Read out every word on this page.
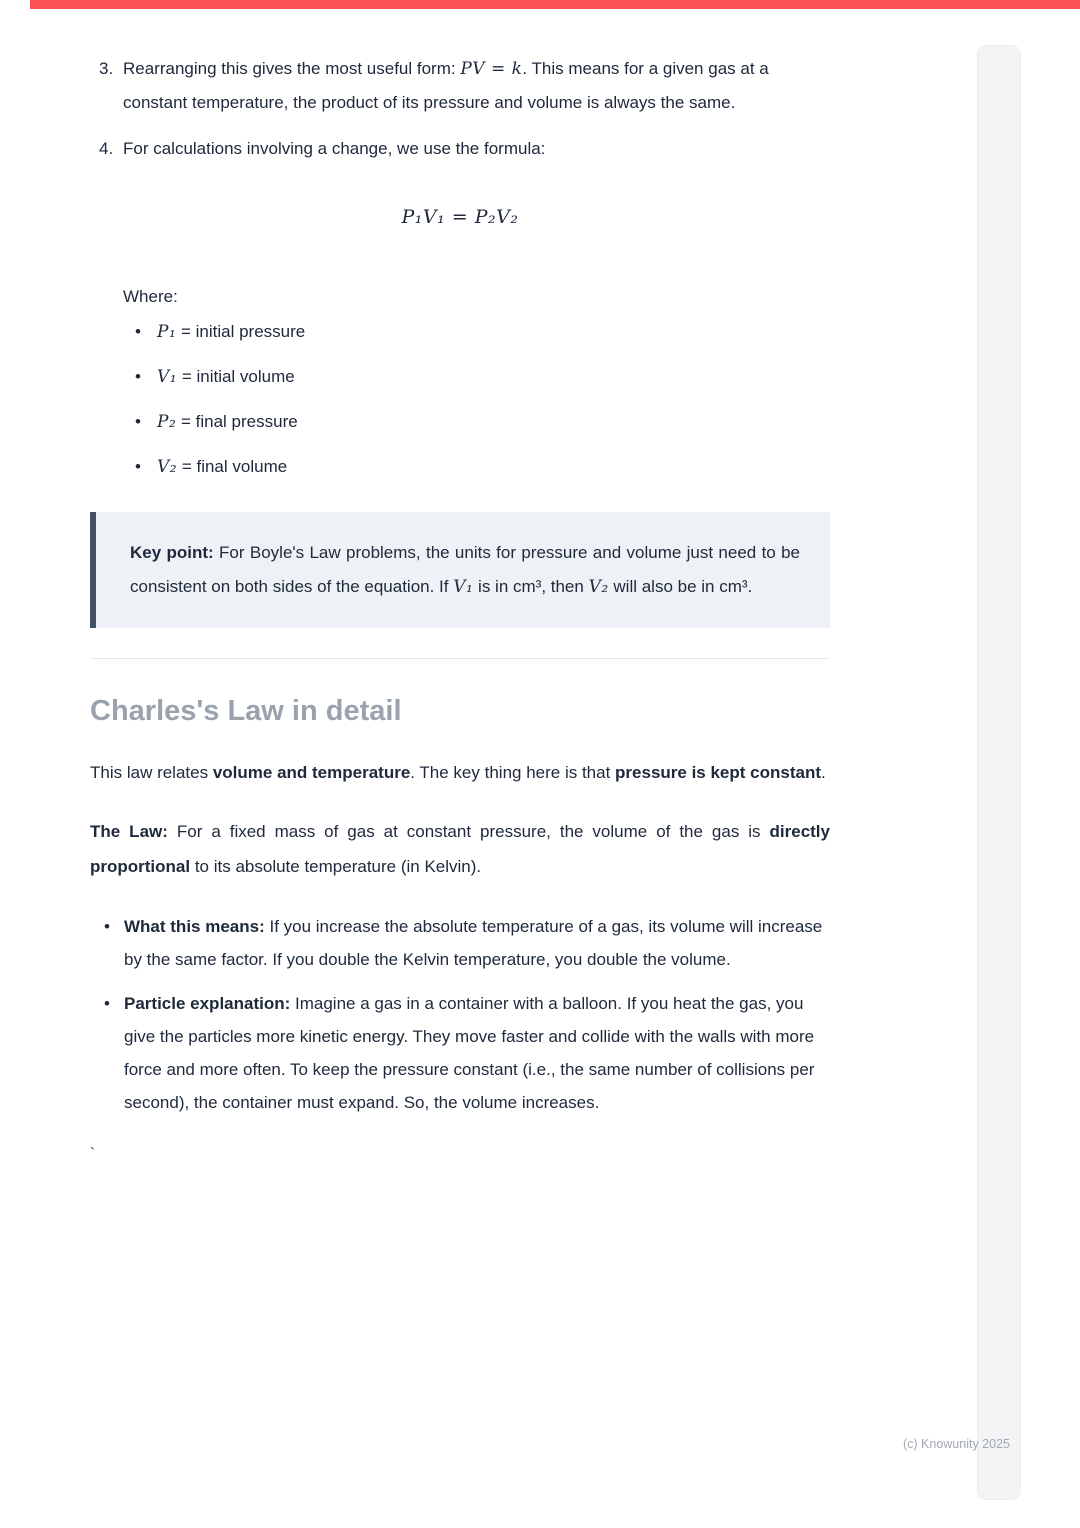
3. Rearranging this gives the most useful form: PV = k. This means for a given gas at a constant temperature, the product of its pressure and volume is always the same.
4. For calculations involving a change, we use the formula:
P₁V₁ = P₂V₂
Where:
• P₁ = initial pressure
• V₁ = initial volume
• P₂ = final pressure
• V₂ = final volume
Key point: For Boyle's Law problems, the units for pressure and volume just need to be consistent on both sides of the equation. If V₁ is in cm³, then V₂ will also be in cm³.
Charles's Law in detail

This law relates volume and temperature. The key thing here is that pressure is kept constant.

The Law: For a fixed mass of gas at constant pressure, the volume of the gas is directly proportional to its absolute temperature (in Kelvin).

• What this means: If you increase the absolute temperature of a gas, its volume will increase by the same factor. If you double the Kelvin temperature, you double the volume.
• Particle explanation: Imagine a gas in a container with a balloon. If you heat the gas, you give the particles more kinetic energy. They move faster and collide with the walls with more force and more often. To keep the pressure constant (i.e., the same number of collisions per second), the container must expand. So, the volume increases.
`
(c) Knowunity 2025
